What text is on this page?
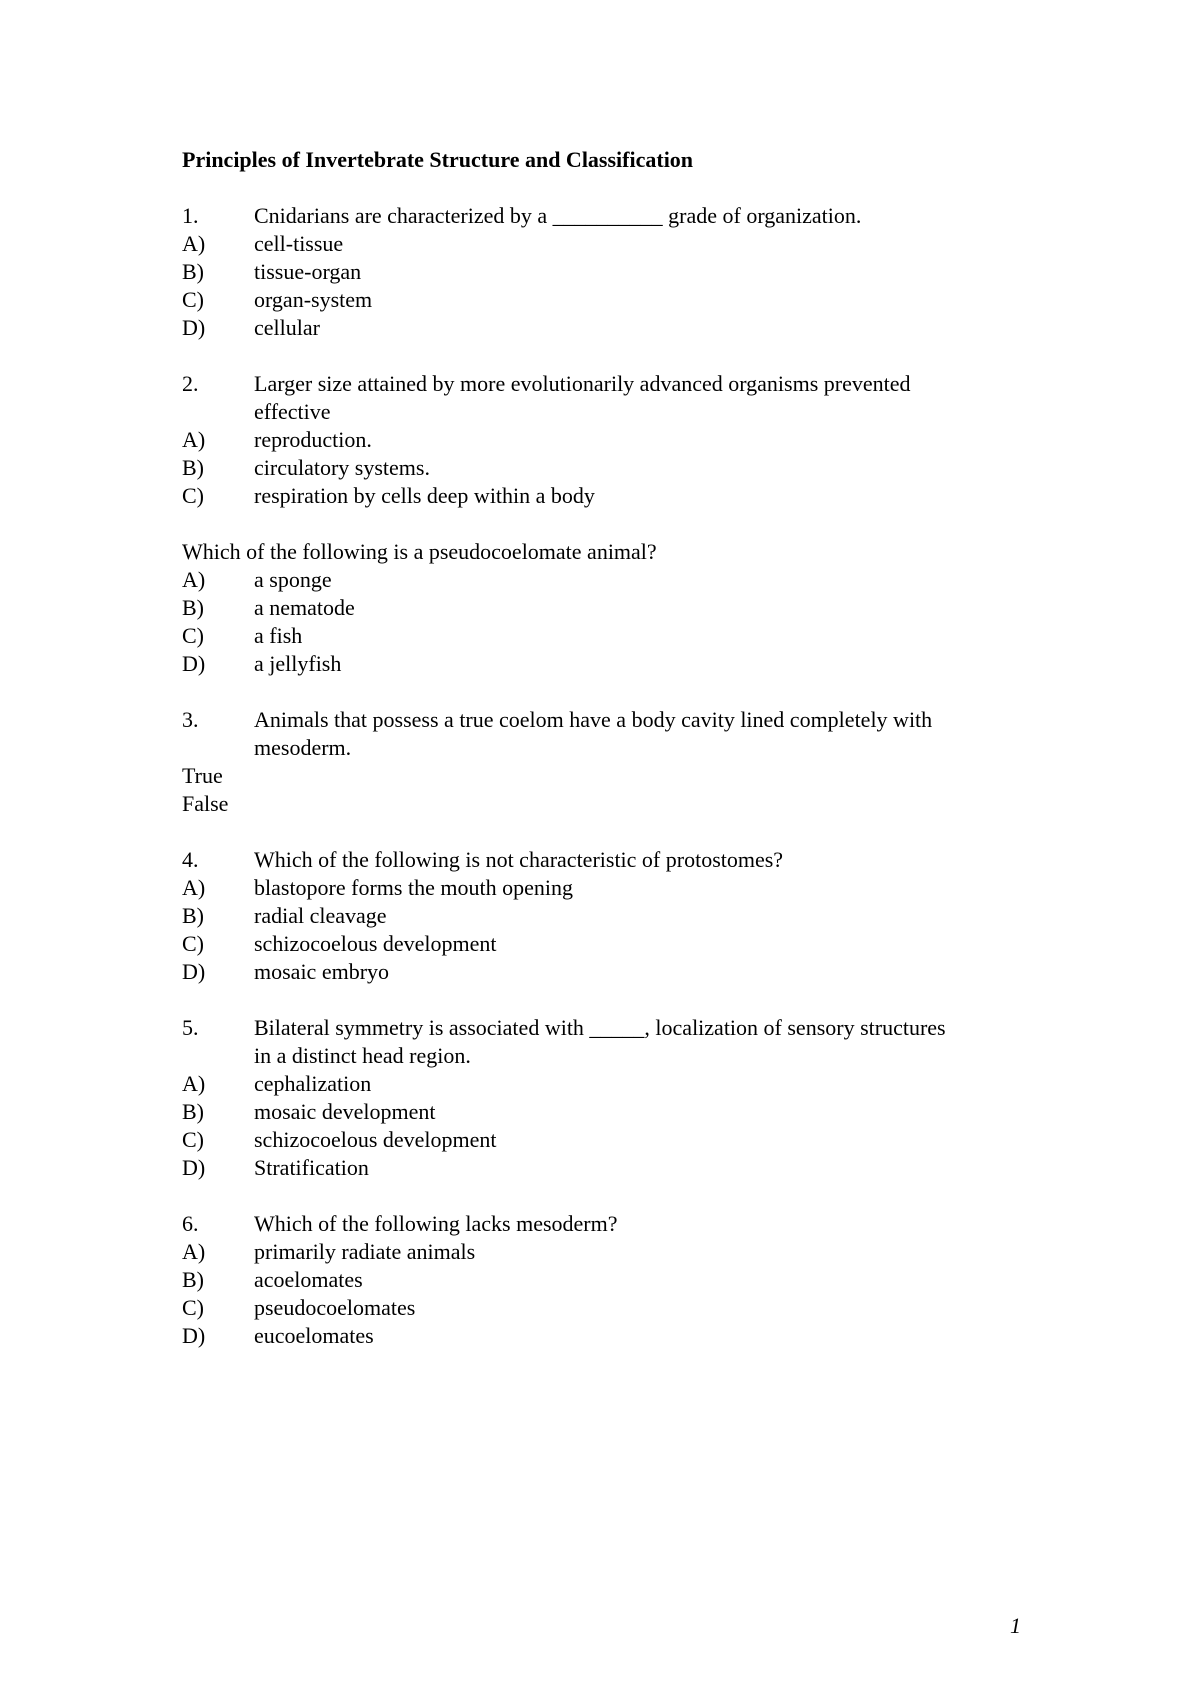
Principles of Invertebrate Structure and Classification
1.	Cnidarians are characterized by a __________ grade of organization.
A)	cell-tissue
B)	tissue-organ
C)	organ-system
D)	cellular
2.	Larger size attained by more evolutionarily advanced organisms prevented
effective
A)	reproduction.
B)	circulatory systems.
C)	respiration by cells deep within a body
Which of the following is a pseudocoelomate animal?
A)	a sponge
B)	a nematode
C)	a fish
D)	a jellyfish
3.	Animals that possess a true coelom have a body cavity lined completely with
mesoderm.
True
False
4.	Which of the following is not characteristic of protostomes?
A)	blastopore forms the mouth opening
B)	radial cleavage
C)	schizocoelous development
D)	mosaic embryo
5.	Bilateral symmetry is associated with _____, localization of sensory structures
in a distinct head region.
A)	cephalization
B)	mosaic development
C)	schizocoelous development
D)	Stratification
6.	Which of the following lacks mesoderm?
A)	primarily radiate animals
B)	acoelomates
C)	pseudocoelomates
D)	eucoelomates
1
